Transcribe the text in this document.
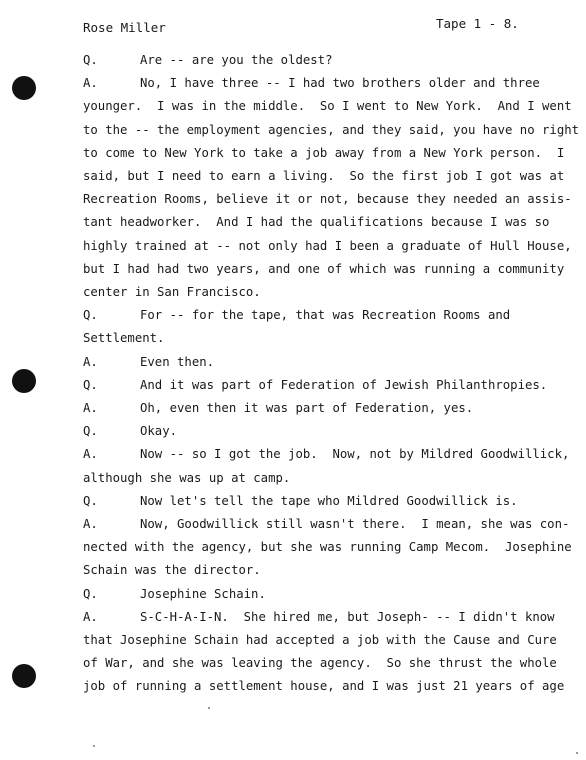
Rose Miller	Tape 1 - 8.
Q.	Are -- are you the oldest?
A.	No, I have three -- I had two brothers older and three
younger.  I was in the middle.  So I went to New York.  And I went
to the -- the employment agencies, and they said, you have no right
to come to New York to take a job away from a New York person.  I
said, but I need to earn a living.  So the first job I got was at
Recreation Rooms, believe it or not, because they needed an assis-
tant headworker.  And I had the qualifications because I was so
highly trained at -- not only had I been a graduate of Hull House,
but I had had two years, and one of which was running a community
center in San Francisco.
Q.	For -- for the tape, that was Recreation Rooms and
Settlement.
A.	Even then.
Q.	And it was part of Federation of Jewish Philanthropies.
A.	Oh, even then it was part of Federation, yes.
Q.	Okay.
A.	Now -- so I got the job.  Now, not by Mildred Goodwillick,
although she was up at camp.
Q.	Now let's tell the tape who Mildred Goodwillick is.
A.	Now, Goodwillick still wasn't there.  I mean, she was con-
nected with the agency, but she was running Camp Mecom.  Josephine
Schain was the director.
Q.	Josephine Schain.
A.	S-C-H-A-I-N.  She hired me, but Joseph- -- I didn't know
that Josephine Schain had accepted a job with the Cause and Cure
of War, and she was leaving the agency.  So she thrust the whole
job of running a settlement house, and I was just 21 years of age
